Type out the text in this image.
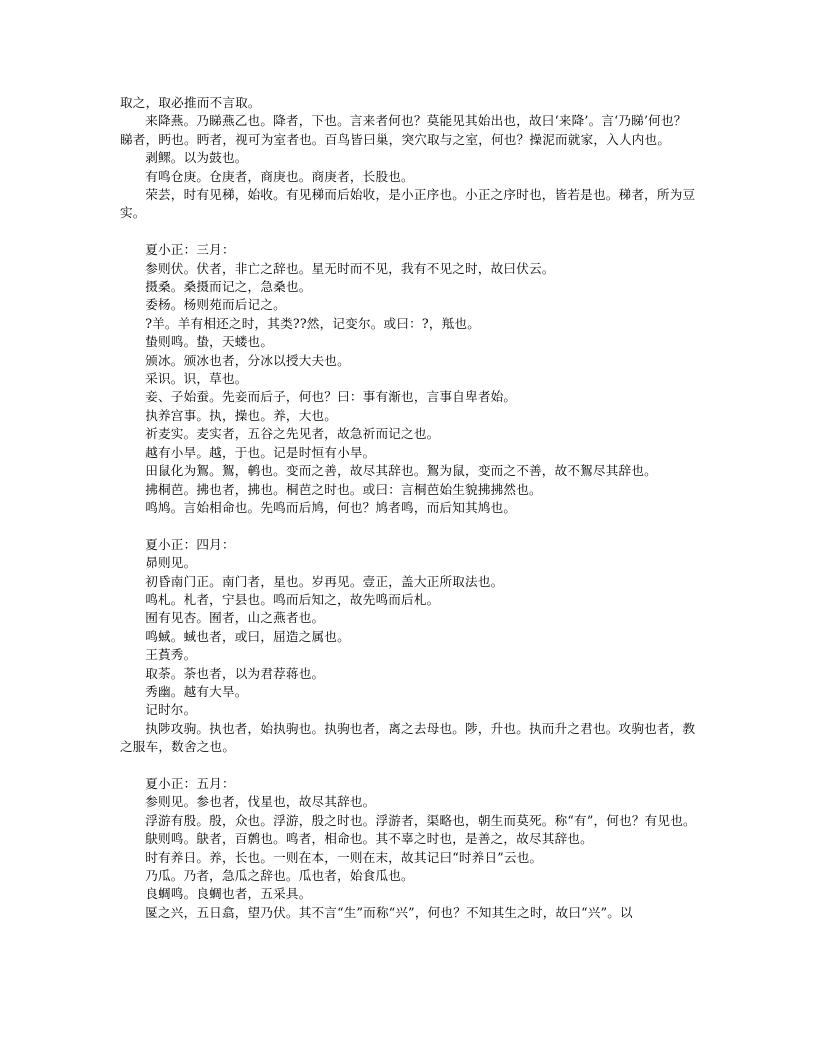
取之，取必推而不言取。
来降燕。乃睇燕乙也。降者，下也。言来者何也？莫能见其始出也，故曰‘来降’。言‘乃睇’何也？睇者，眄也。眄者，视可为室者也。百鸟皆曰巢，突穴取与之室，何也？操泥而就家，入人内也。
剥鳏。以为鼓也。
有鸣仓庚。仓庚者，商庚也。商庚者，长股也。
荣芸，时有见稊，始收。有见稊而后始收，是小正序也。小正之序时也，皆若是也。稊者，所为豆实。
夏小正：三月：
参则伏。伏者，非亡之辞也。星无时而不见，我有不见之时，故曰伏云。
摄桑。桑摄而记之，急桑也。
委杨。杨则苑而后记之。
?羊。羊有相还之时，其类??然，记变尔。或曰：?，羝也。
蛰则鸣。蛰，天蝼也。
颁冰。颁冰也者，分冰以授大夫也。
采识。识，草也。
妾、子始蚕。先妾而后子，何也？曰：事有渐也，言事自卑者始。
执养宫事。执，操也。养，大也。
祈麦实。麦实者，五谷之先见者，故急祈而记之也。
越有小旱。越，于也。记是时恒有小旱。
田鼠化为鴽。鴽，鹌也。变而之善，故尽其辞也。鴽为鼠，变而之不善，故不鴽尽其辞也。
拂桐芭。拂也者，拂也。桐芭之时也。或曰：言桐芭始生貌拂拂然也。
鸣鸠。言始相命也。先鸣而后鸠，何也？鸠者鸣，而后知其鸠也。
夏小正：四月：
昴则见。
初昏南门正。南门者，星也。岁再见。壹正，盖大正所取法也。
鸣札。札者，宁县也。鸣而后知之，故先鸣而后札。
囿有见杏。囿者，山之燕者也。
鸣蜮。蜮也者，或曰，屈造之属也。
王萯秀。
取荼。荼也者，以为君荐蒋也。
秀幽。越有大旱。
记时尔。
执陟攻驹。执也者，始执驹也。执驹也者，离之去母也。陟，升也。执而升之君也。攻驹也者，教之服车，数舍之也。
夏小正：五月：
参则见。参也者，伐星也，故尽其辞也。
浮游有殷。殷，众也。浮游，殷之时也。浮游者，渠略也，朝生而莫死。称“有”，何也？有见也。
鴃则鸣。鴃者，百鹩也。鸣者，相命也。其不辜之时也，是善之，故尽其辞也。
时有养日。养，长也。一则在本，一则在末，故其记曰“时养日”云也。
乃瓜。乃者，急瓜之辞也。瓜也者，始食瓜也。
良蜩鸣。良蜩也者，五采具。
匽之兴，五日翕，望乃伏。其不言“生”而称“兴”，何也？不知其生之时，故曰“兴”。以
